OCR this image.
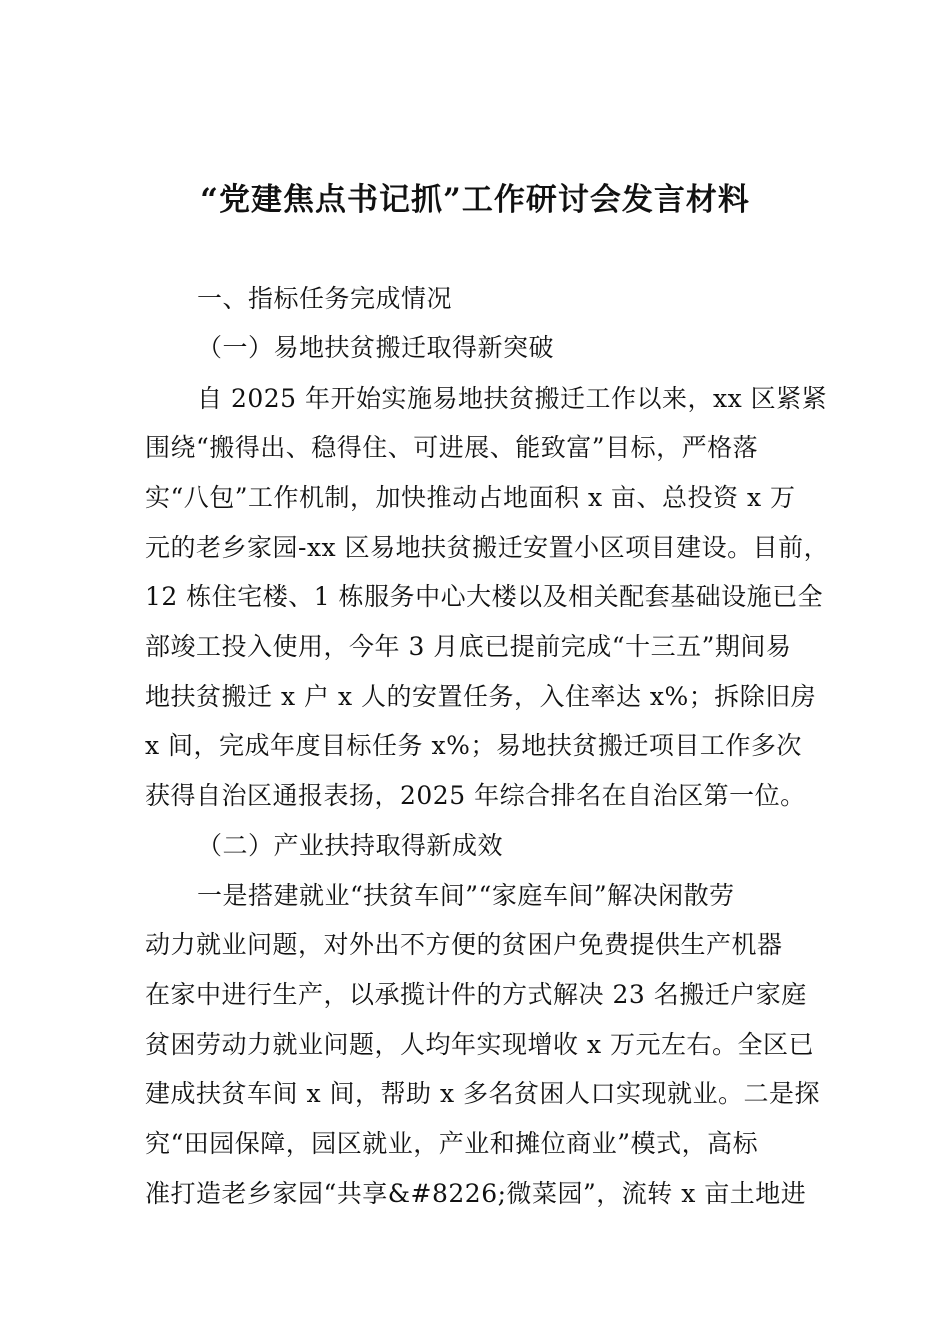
“党建焦点书记抓”工作研讨会发言材料
一、指标任务完成情况
（一）易地扶贫搬迁取得新突破
自 2025 年开始实施易地扶贫搬迁工作以来，xx 区紧紧
围绕“搬得出、稳得住、可进展、能致富”目标，严格落
实“八包”工作机制，加快推动占地面积 x 亩、总投资 x 万
元的老乡家园-xx 区易地扶贫搬迁安置小区项目建设。目前，
12 栋住宅楼、1 栋服务中心大楼以及相关配套基础设施已全
部竣工投入使用，今年 3 月底已提前完成“十三五”期间易
地扶贫搬迁 x 户 x 人的安置任务，入住率达 x%；拆除旧房
x 间，完成年度目标任务 x%；易地扶贫搬迁项目工作多次
获得自治区通报表扬，2025 年综合排名在自治区第一位。
（二）产业扶持取得新成效
一是搭建就业“扶贫车间”“家庭车间”解决闲散劳
动力就业问题，对外出不方便的贫困户免费提供生产机器
在家中进行生产，以承揽计件的方式解决 23 名搬迁户家庭
贫困劳动力就业问题，人均年实现增收 x 万元左右。全区已
建成扶贫车间 x 间，帮助 x 多名贫困人口实现就业。二是探
究“田园保障，园区就业，产业和摊位商业”模式，高标
准打造老乡家园“共享&#8226;微菜园”，流转 x 亩土地进
